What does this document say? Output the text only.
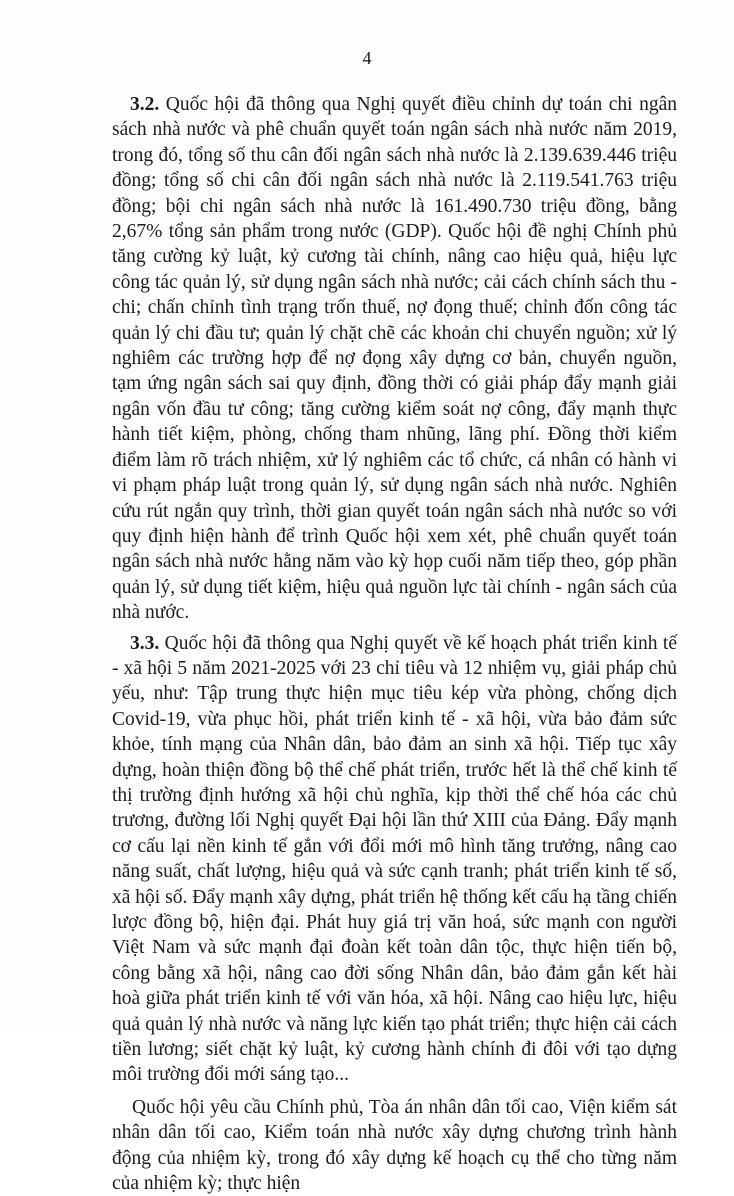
4

3.2. Quốc hội đã thông qua Nghị quyết điều chỉnh dự toán chi ngân sách nhà nước và phê chuẩn quyết toán ngân sách nhà nước năm 2019, trong đó, tổng số thu cân đối ngân sách nhà nước là 2.139.639.446 triệu đồng; tổng số chi cân đối ngân sách nhà nước là 2.119.541.763 triệu đồng; bội chi ngân sách nhà nước là 161.490.730 triệu đồng, bằng 2,67% tổng sản phẩm trong nước (GDP). Quốc hội đề nghị Chính phủ tăng cường kỷ luật, kỷ cương tài chính, nâng cao hiệu quả, hiệu lực công tác quản lý, sử dụng ngân sách nhà nước; cải cách chính sách thu - chi; chấn chỉnh tình trạng trốn thuế, nợ đọng thuế; chỉnh đốn công tác quản lý chi đầu tư; quản lý chặt chẽ các khoản chi chuyển nguồn; xử lý nghiêm các trường hợp để nợ đọng xây dựng cơ bản, chuyển nguồn, tạm ứng ngân sách sai quy định, đồng thời có giải pháp đẩy mạnh giải ngân vốn đầu tư công; tăng cường kiểm soát nợ công, đẩy mạnh thực hành tiết kiệm, phòng, chống tham nhũng, lãng phí. Đồng thời kiểm điểm làm rõ trách nhiệm, xử lý nghiêm các tổ chức, cá nhân có hành vi vi phạm pháp luật trong quản lý, sử dụng ngân sách nhà nước. Nghiên cứu rút ngắn quy trình, thời gian quyết toán ngân sách nhà nước so với quy định hiện hành để trình Quốc hội xem xét, phê chuẩn quyết toán ngân sách nhà nước hằng năm vào kỳ họp cuối năm tiếp theo, góp phần quản lý, sử dụng tiết kiệm, hiệu quả nguồn lực tài chính - ngân sách của nhà nước.

3.3. Quốc hội đã thông qua Nghị quyết về kế hoạch phát triển kinh tế - xã hội 5 năm 2021-2025 với 23 chỉ tiêu và 12 nhiệm vụ, giải pháp chủ yếu, như: Tập trung thực hiện mục tiêu kép vừa phòng, chống dịch Covid-19, vừa phục hồi, phát triển kinh tế - xã hội, vừa bảo đảm sức khỏe, tính mạng của Nhân dân, bảo đảm an sinh xã hội. Tiếp tục xây dựng, hoàn thiện đồng bộ thể chế phát triển, trước hết là thể chế kinh tế thị trường định hướng xã hội chủ nghĩa, kịp thời thể chế hóa các chủ trương, đường lối Nghị quyết Đại hội lần thứ XIII của Đảng. Đẩy mạnh cơ cấu lại nền kinh tế gắn với đổi mới mô hình tăng trưởng, nâng cao năng suất, chất lượng, hiệu quả và sức cạnh tranh; phát triển kinh tế số, xã hội số. Đẩy mạnh xây dựng, phát triển hệ thống kết cấu hạ tầng chiến lược đồng bộ, hiện đại. Phát huy giá trị văn hoá, sức mạnh con người Việt Nam và sức mạnh đại đoàn kết toàn dân tộc, thực hiện tiến bộ, công bằng xã hội, nâng cao đời sống Nhân dân, bảo đảm gắn kết hài hoà giữa phát triển kinh tế với văn hóa, xã hội. Nâng cao hiệu lực, hiệu quả quản lý nhà nước và năng lực kiến tạo phát triển; thực hiện cải cách tiền lương; siết chặt kỷ luật, kỷ cương hành chính đi đôi với tạo dựng môi trường đổi mới sáng tạo...

Quốc hội yêu cầu Chính phủ, Tòa án nhân dân tối cao, Viện kiểm sát nhân dân tối cao, Kiểm toán nhà nước xây dựng chương trình hành động của nhiệm kỳ, trong đó xây dựng kế hoạch cụ thể cho từng năm của nhiệm kỳ; thực hiện
